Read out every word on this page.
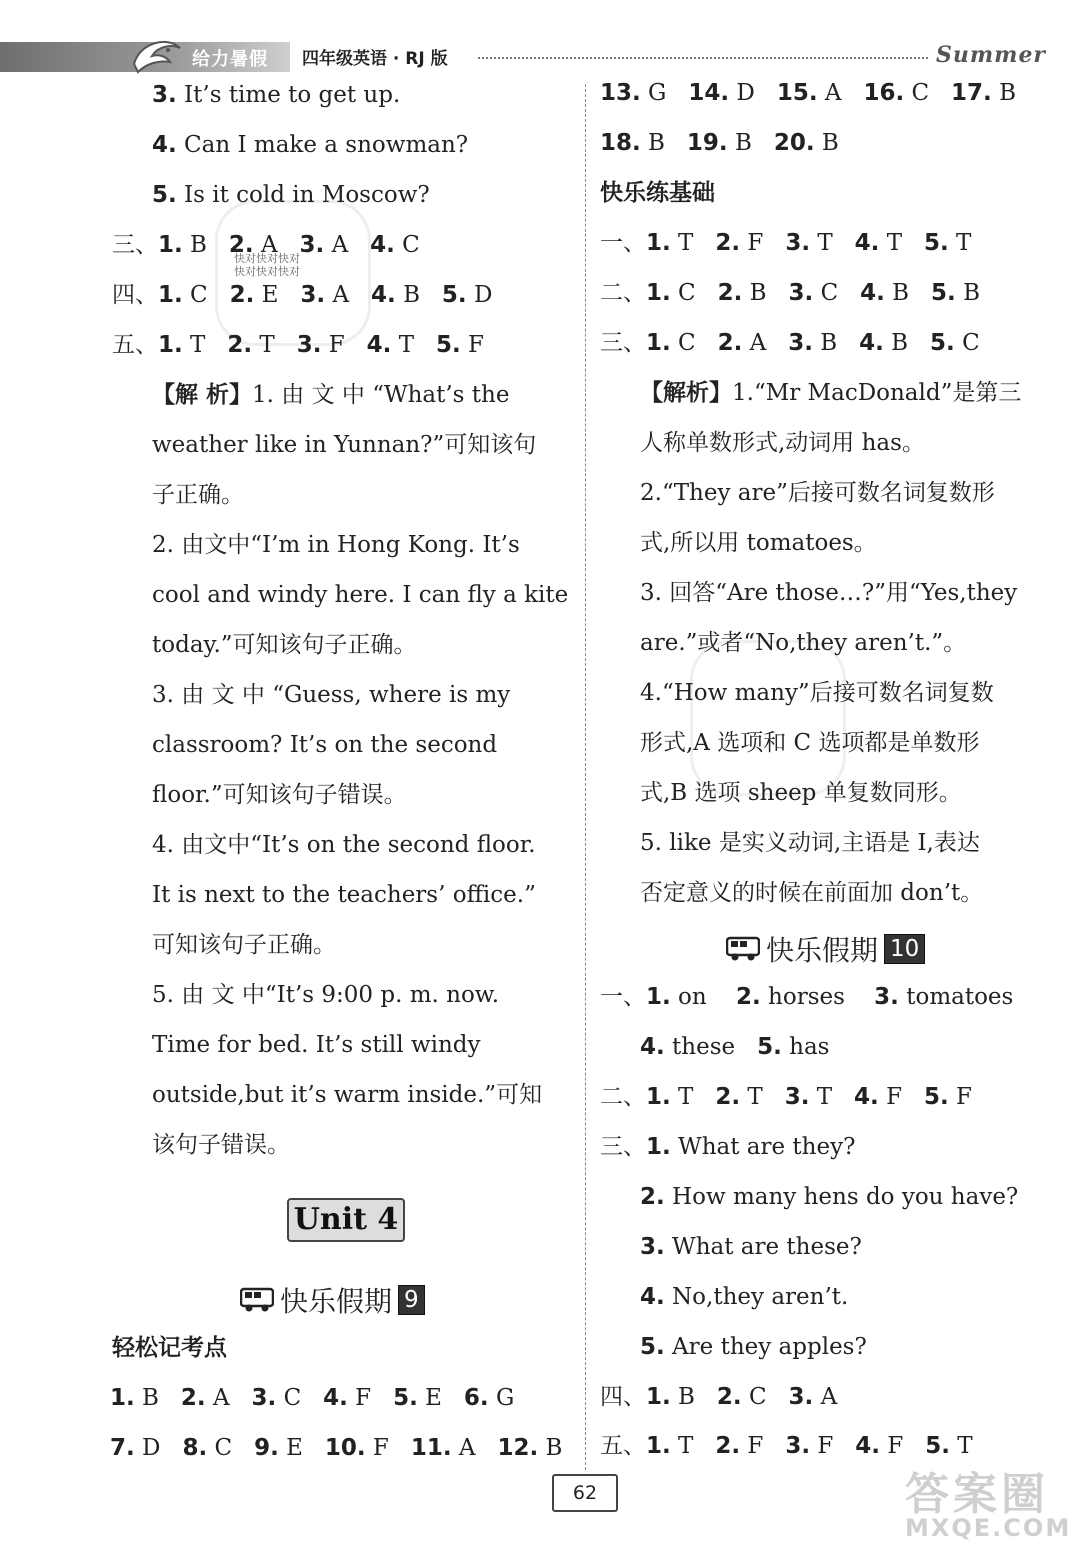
给力暑假 四年级英语 · RJ 版	Summer
3. It’s time to get up.
4. Can I make a snowman?
5. Is it cold in Moscow?
快对快对快对
快对快对快对
三、1. B 2. A 3. A 4. C
四、1. C 2. E 3. A 4. B 5. D
五、1. T 2. T 3. F 4. T 5. F
【解 析】1. 由 文 中 “What’s the
weather like in Yunnan?”可知该句
子正确。
2. 由文中“I’m in Hong Kong. It’s
cool and windy here. I can fly a kite
today.”可知该句子正确。
3. 由 文 中 “Guess, where is my
classroom? It’s on the second
floor.”可知该句子错误。
4. 由文中“It’s on the second floor.
It is next to the teachers’ office.”
可知该句子正确。
5. 由 文 中“It’s 9:00 p. m. now.
Time for bed. It’s still windy
outside,but it’s warm inside.”可知
该句子错误。
Unit 4
快乐假期 9
轻松记考点
1. B 2. A 3. C 4. F 5. E 6. G
7. D 8. C 9. E 10. F 11. A 12. B
13. G 14. D 15. A 16. C 17. B
18. B 19. B 20. B
快乐练基础
一、1. T 2. F 3. T 4. T 5. T
二、1. C 2. B 3. C 4. B 5. B
三、1. C 2. A 3. B 4. B 5. C
【解析】1.“Mr MacDonald”是第三
人称单数形式,动词用 has。
2.“They are”后接可数名词复数形
式,所以用 tomatoes。
3. 回答“Are those…?”用“Yes,they
are.”或者“No,they aren’t.”。
4.“How many”后接可数名词复数
形式,A 选项和 C 选项都是单数形
式,B 选项 sheep 单复数同形。
5. like 是实义动词,主语是 I,表达
否定意义的时候在前面加 don’t。
快乐假期 10
一、1. on 2. horses 3. tomatoes
4. these 5. has
二、1. T 2. T 3. T 4. F 5. F
三、1. What are they?
2. How many hens do you have?
3. What are these?
4. No,they aren’t.
5. Are they apples?
四、1. B 2. C 3. A
五、1. T 2. F 3. F 4. F 5. T
62	答案圈
MXQE.COM
